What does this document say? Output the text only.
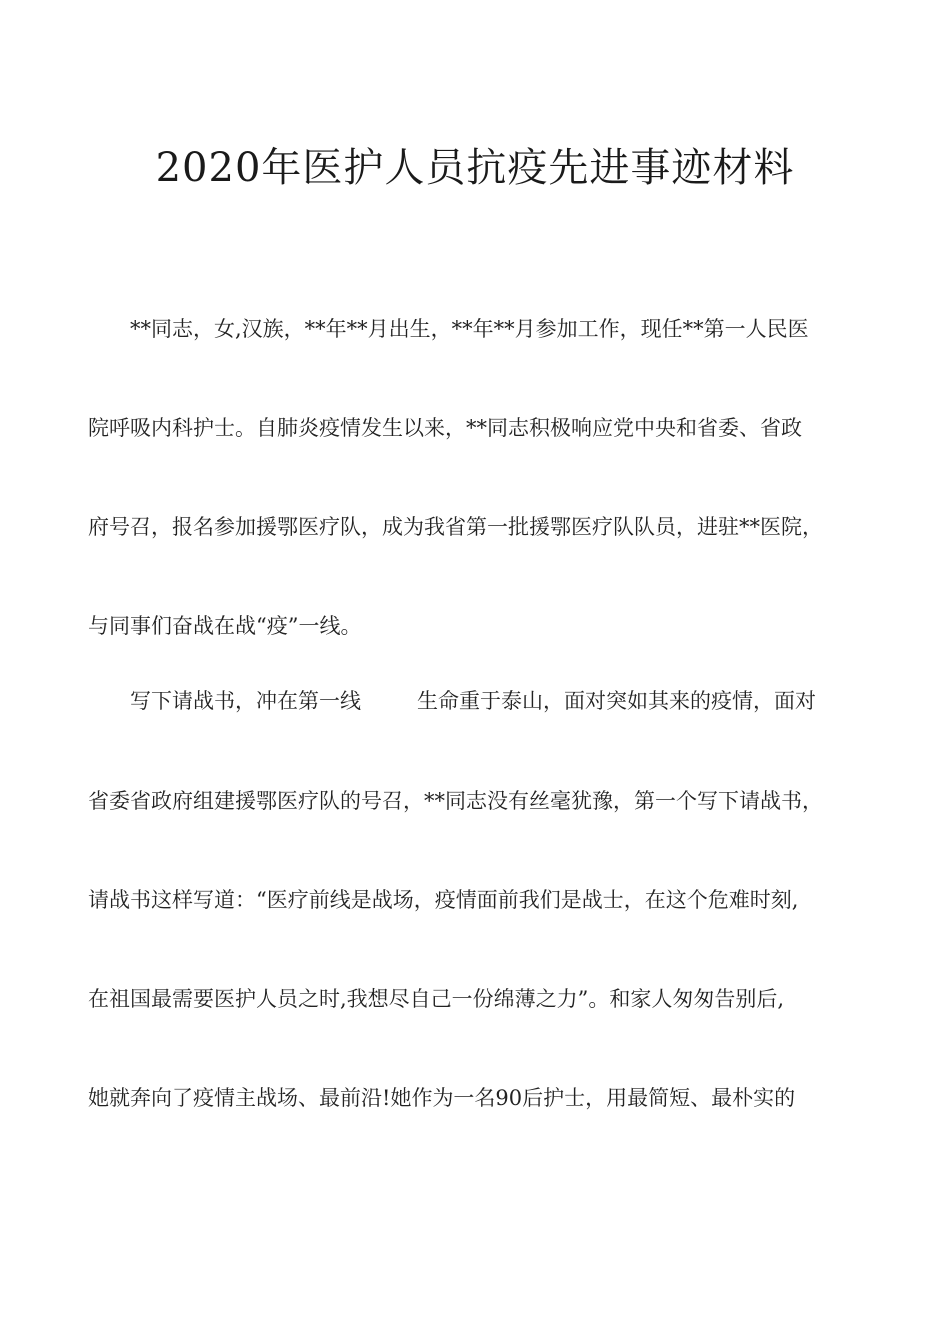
2020年医护人员抗疫先进事迹材料

**同志，女,汉族，**年**月出生，**年**月参加工作，现任**第一人民医

院呼吸内科护士。自肺炎疫情发生以来，**同志积极响应党中央和省委、省政

府号召，报名参加援鄂医疗队，成为我省第一批援鄂医疗队队员，进驻**医院，

与同事们奋战在战“疫”一线。

写下请战书，冲在第一线	生命重于泰山，面对突如其来的疫情，面对

省委省政府组建援鄂医疗队的号召，**同志没有丝毫犹豫，第一个写下请战书，

请战书这样写道：“医疗前线是战场，疫情面前我们是战士，在这个危难时刻,

在祖国最需要医护人员之时,我想尽自己一份绵薄之力”。和家人匆匆告别后,

她就奔向了疫情主战场、最前沿!她作为一名90后护士，用最简短、最朴实的
